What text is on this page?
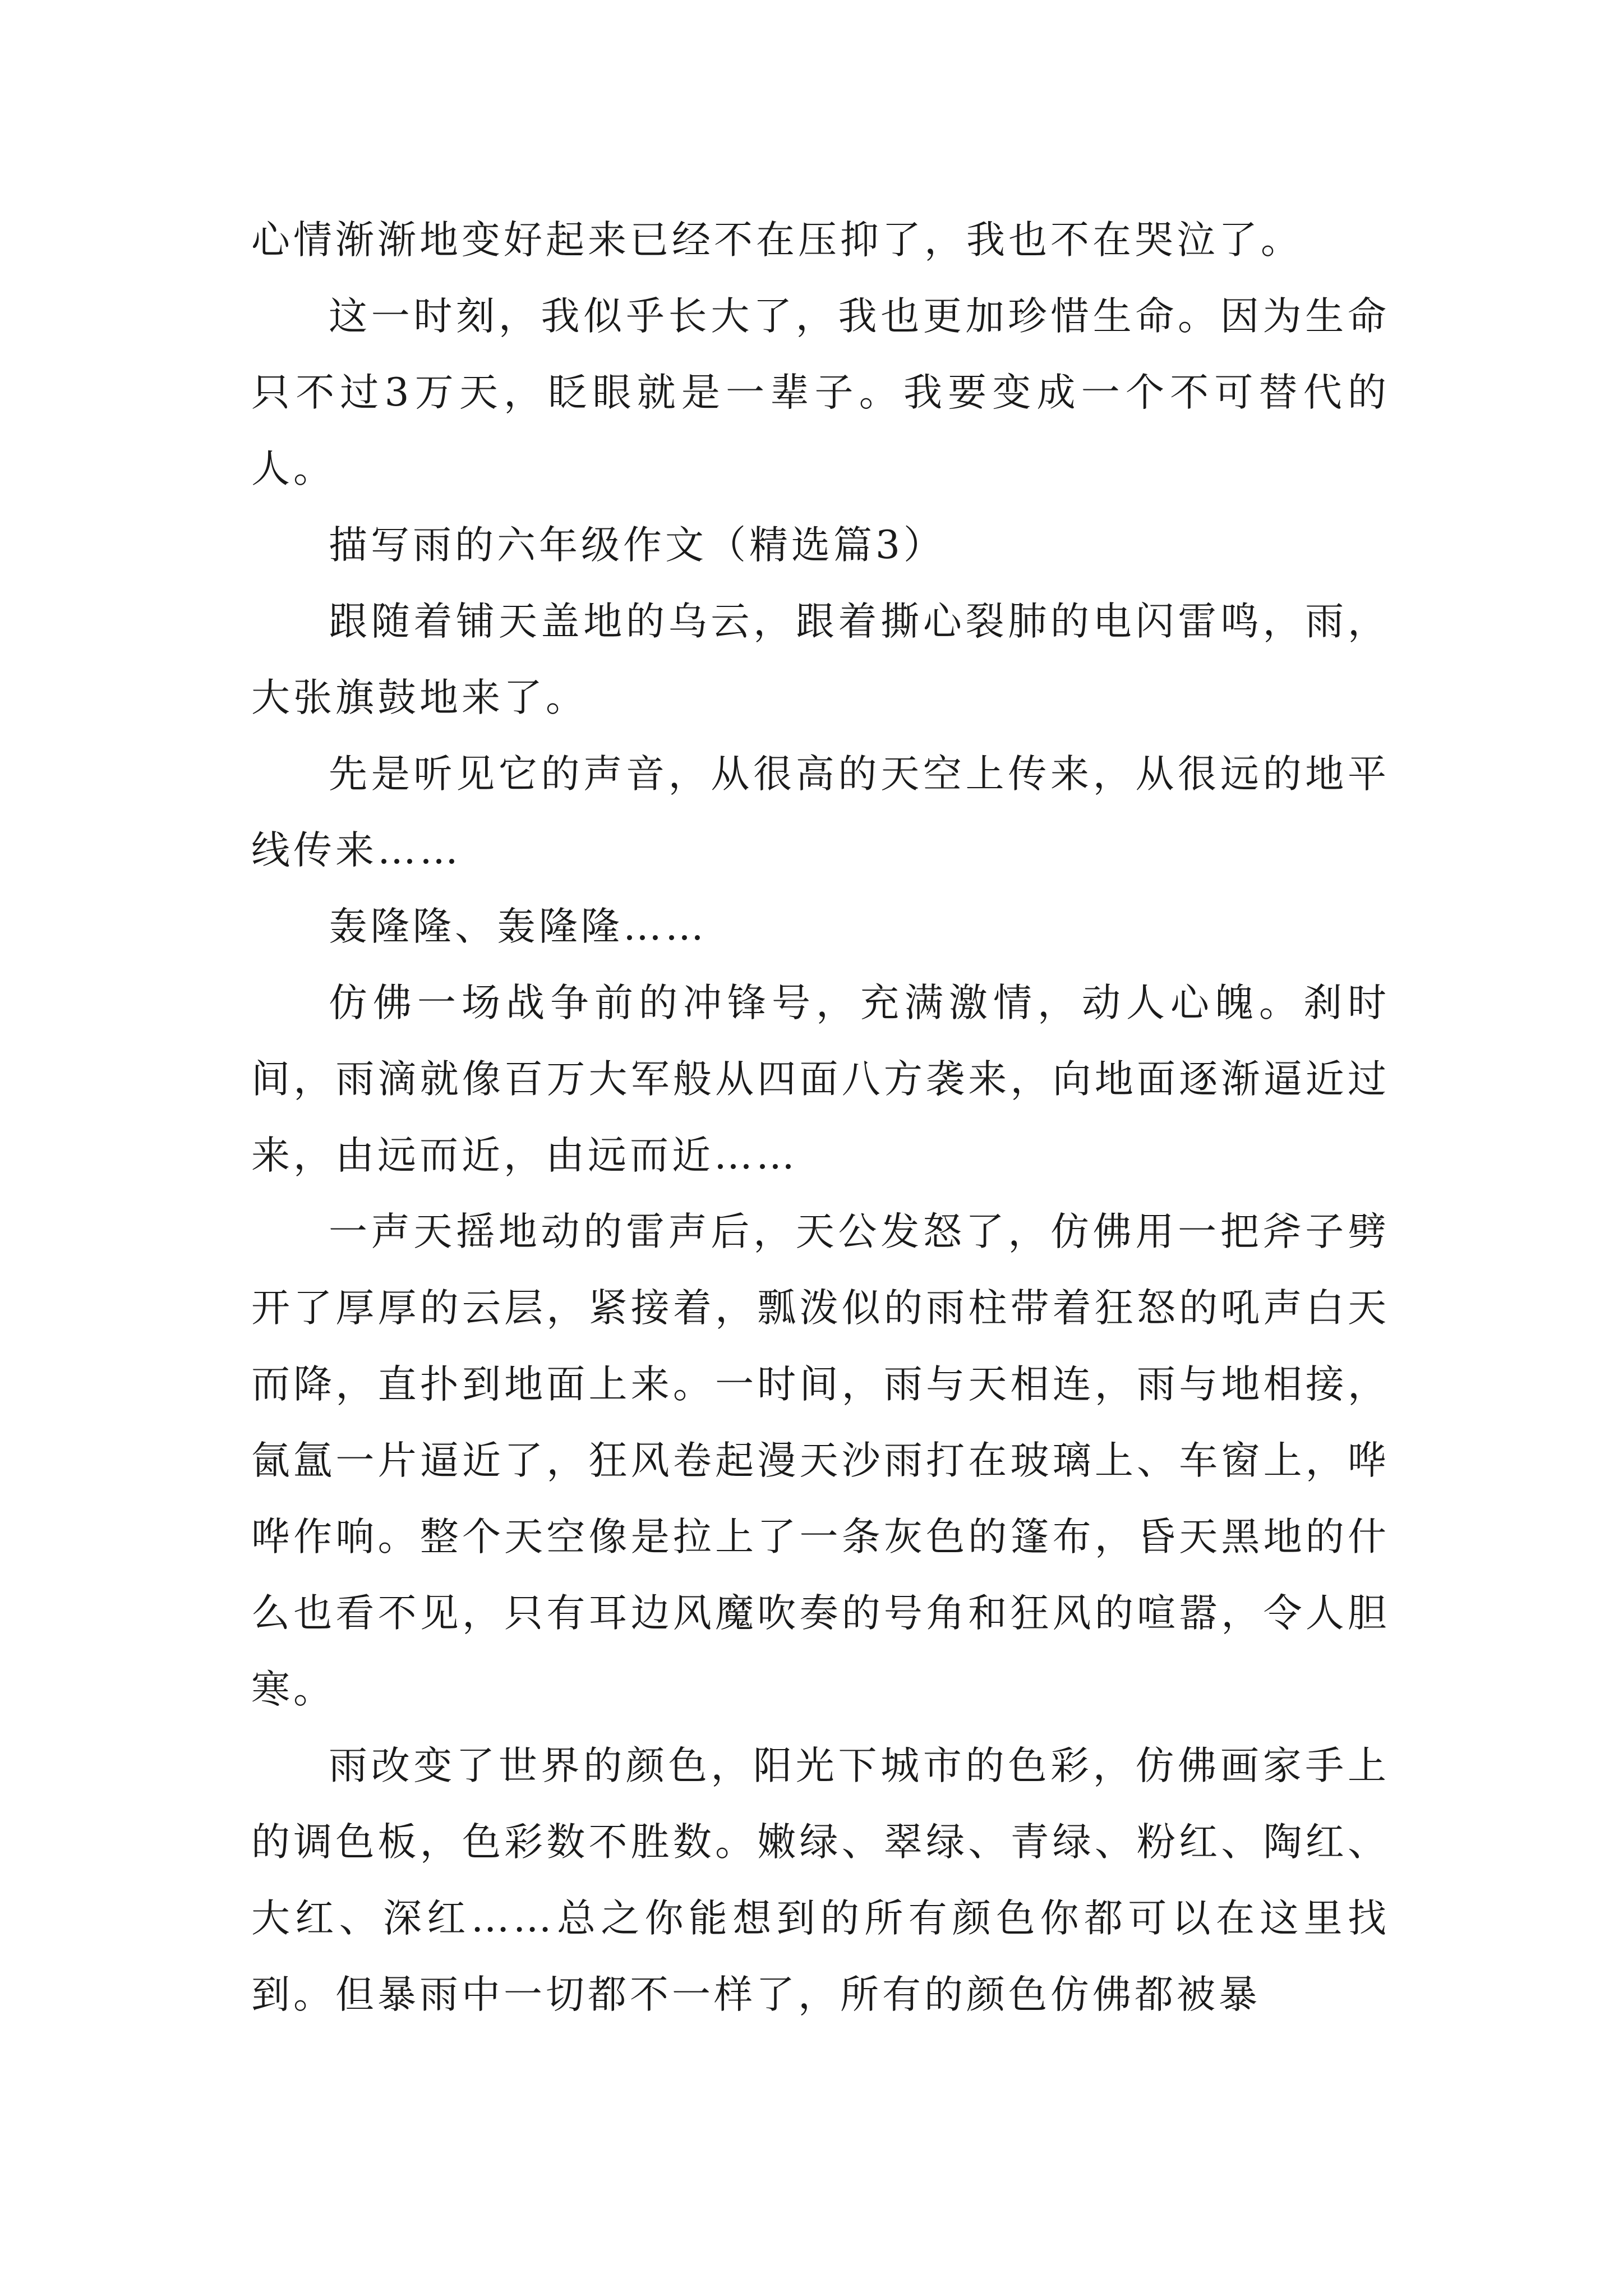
心情渐渐地变好起来已经不在压抑了，我也不在哭泣了。

这一时刻，我似乎长大了，我也更加珍惜生命。因为生命只不过3万天，眨眼就是一辈子。我要变成一个不可替代的人。

描写雨的六年级作文（精选篇3）

跟随着铺天盖地的乌云，跟着撕心裂肺的电闪雷鸣，雨，大张旗鼓地来了。

先是听见它的声音，从很高的天空上传来，从很远的地平线传来……

轰隆隆、轰隆隆……

仿佛一场战争前的冲锋号，充满激情，动人心魄。刹时间，雨滴就像百万大军般从四面八方袭来，向地面逐渐逼近过来，由远而近，由远而近……

一声天摇地动的雷声后，天公发怒了，仿佛用一把斧子劈开了厚厚的云层，紧接着，瓢泼似的雨柱带着狂怒的吼声白天而降，直扑到地面上来。一时间，雨与天相连，雨与地相接，氤氲一片逼近了，狂风卷起漫天沙雨打在玻璃上、车窗上，哗哗作响。整个天空像是拉上了一条灰色的篷布，昏天黑地的什么也看不见，只有耳边风魔吹奏的号角和狂风的喧嚣，令人胆寒。

雨改变了世界的颜色，阳光下城市的色彩，仿佛画家手上的调色板，色彩数不胜数。嫩绿、翠绿、青绿、粉红、陶红、大红、深红……总之你能想到的所有颜色你都可以在这里找到。但暴雨中一切都不一样了，所有的颜色仿佛都被暴
